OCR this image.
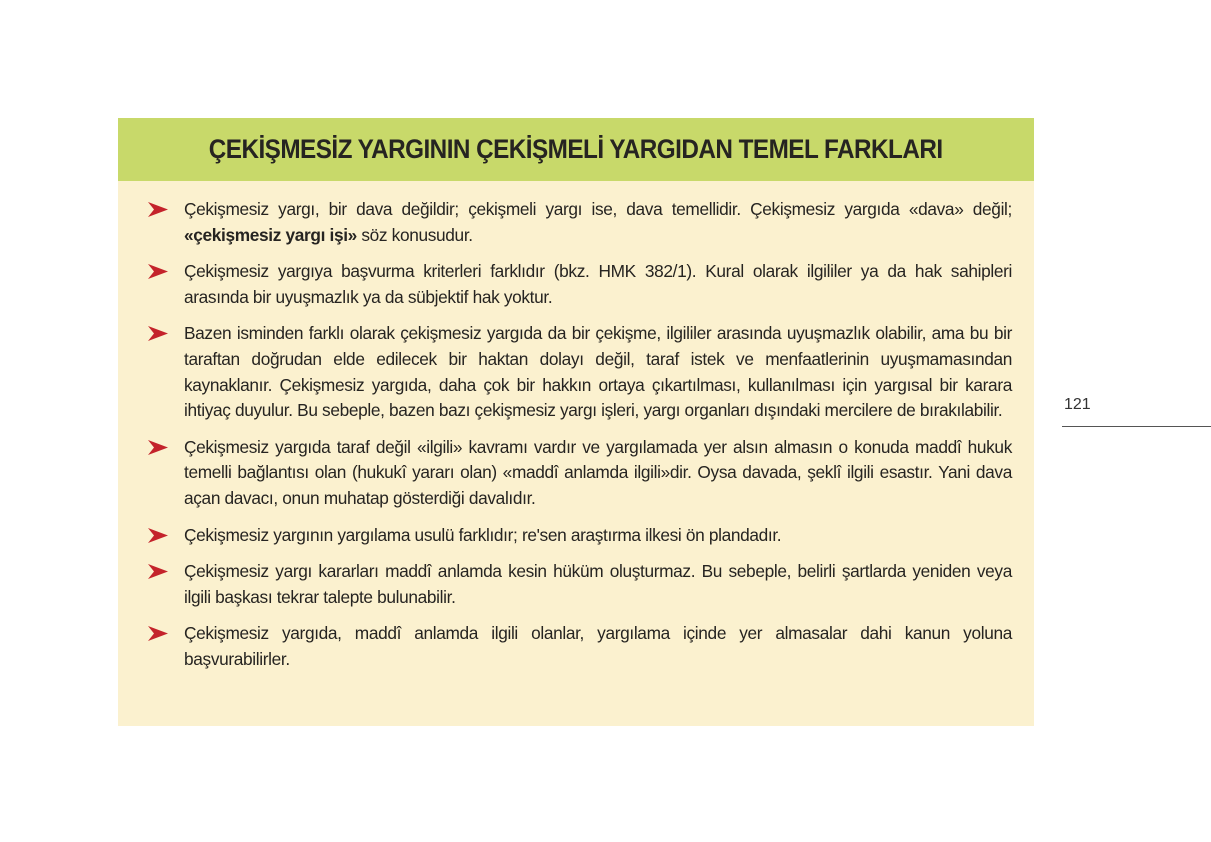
ÇEKİŞMESİZ YARGININ ÇEKİŞMELİ YARGIDAN TEMEL FARKLARI
Çekişmesiz yargı, bir dava değildir; çekişmeli yargı ise, dava temellidir. Çekişmesiz yargıda «dava» değil; «çekişmesiz yargı işi» söz konusudur.
Çekişmesiz yargıya başvurma kriterleri farklıdır (bkz. HMK 382/1). Kural olarak ilgililer ya da hak sahipleri arasında bir uyuşmazlık ya da sübjektif hak yoktur.
Bazen isminden farklı olarak çekişmesiz yargıda da bir çekişme, ilgililer arasında uyuşmazlık olabilir, ama bu bir taraftan doğrudan elde edilecek bir haktan dolayı değil, taraf istek ve menfaatlerinin uyuşmamasından kaynaklanır. Çekişmesiz yargıda, daha çok bir hakkın ortaya çıkartılması, kullanılması için yargısal bir karara ihtiyaç duyulur. Bu sebeple, bazen bazı çekişmesiz yargı işleri, yargı organları dışındaki mercilere de bırakılabilir.
Çekişmesiz yargıda taraf değil «ilgili» kavramı vardır ve yargılamada yer alsın almasın o konuda maddî hukuk temelli bağlantısı olan (hukukî yararı olan) «maddî anlamda ilgili»dir. Oysa davada, şeklî ilgili esastır. Yani dava açan davacı, onun muhatap gösterdiği davalıdır.
Çekişmesiz yargının yargılama usulü farklıdır; re'sen araştırma ilkesi ön plandadır.
Çekişmesiz yargı kararları maddî anlamda kesin hüküm oluşturmaz. Bu sebeple, belirli şartlarda yeniden veya ilgili başkası tekrar talepte bulunabilir.
Çekişmesiz yargıda, maddî anlamda ilgili olanlar, yargılama içinde yer almasalar dahi kanun yoluna başvurabilirler.
121
